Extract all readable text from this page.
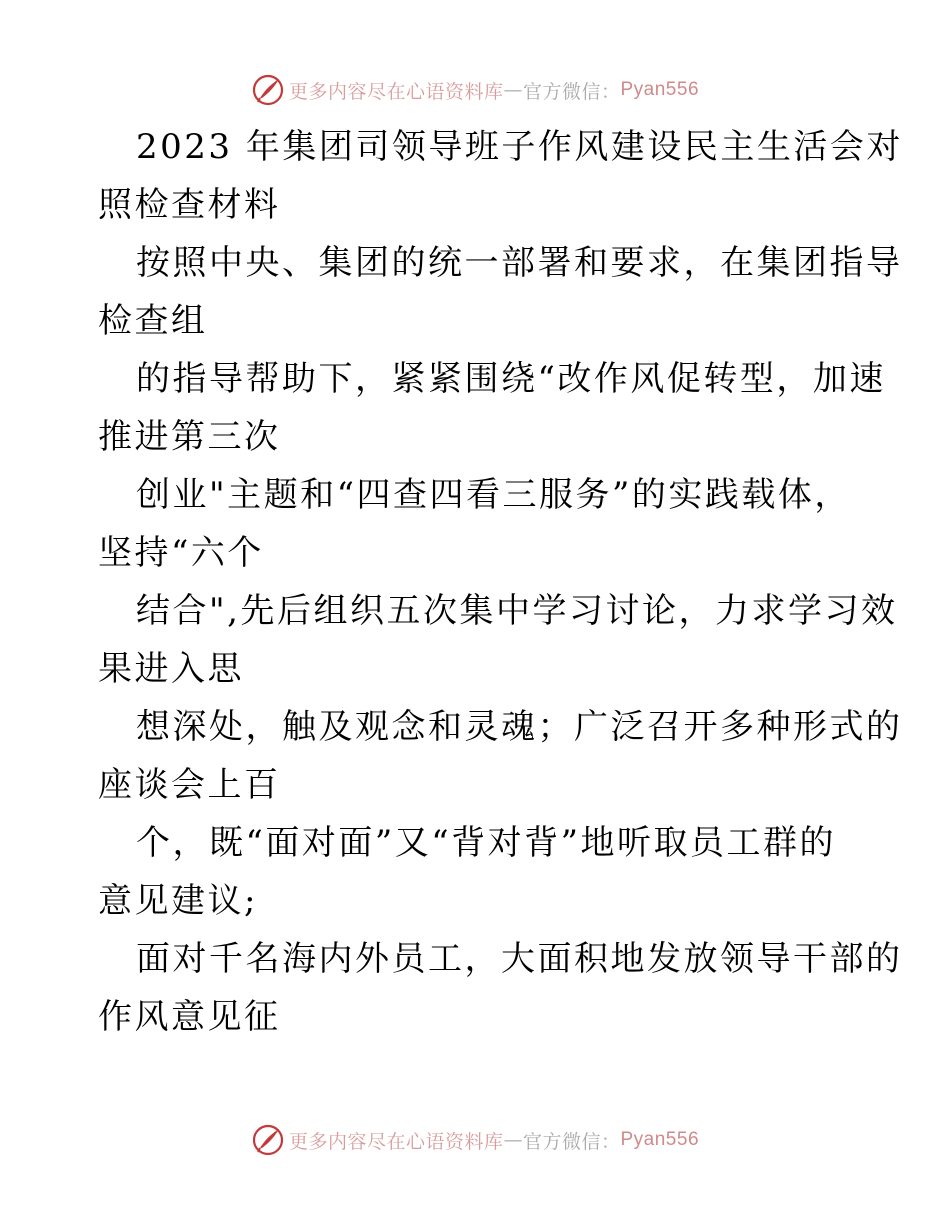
更多内容尽在心语资料库 — 官方微信： Pyan556
2023 年集团司领导班子作风建设民主生活会对
照检查材料
按照中央、集团的统一部署和要求，在集团指导
检查组
的指导帮助下，紧紧围绕“改作风促转型，加速
推进第三次
创业"主题和“四查四看三服务”的实践载体，
坚持“六个
结合",先后组织五次集中学习讨论，力求学习效
果进入思
想深处，触及观念和灵魂；广泛召开多种形式的
座谈会上百
个，既“面对面”又“背对背”地听取员工群的
意见建议;
面对千名海内外员工，大面积地发放领导干部的
作风意见征
更多内容尽在心语资料库 — 官方微信： Pyan556
